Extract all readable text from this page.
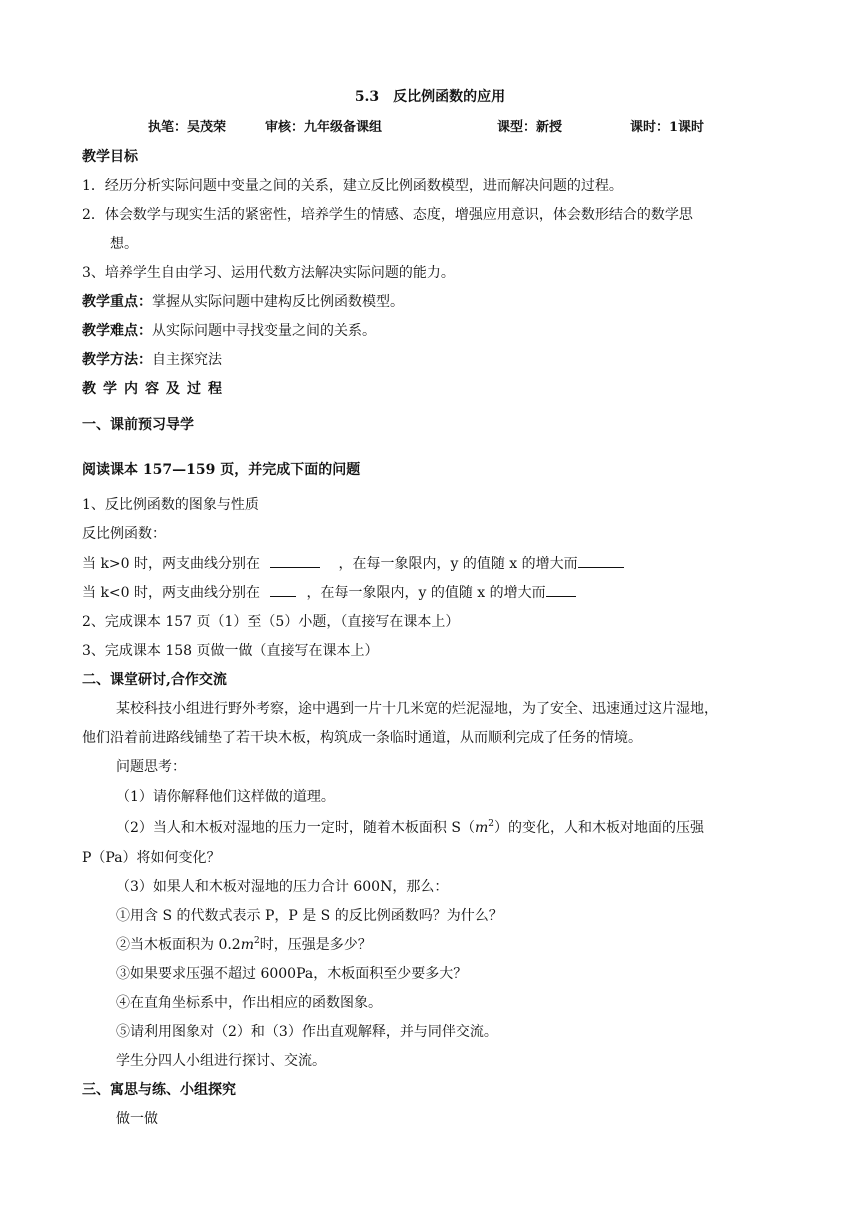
5.3　反比例函数的应用
执笔：吴茂荣	审核：九年级备课组	课型：新授	课时：1课时
教学目标
1．经历分析实际问题中变量之间的关系，建立反比例函数模型，进而解决问题的过程。
2．体会数学与现实生活的紧密性，培养学生的情感、态度，增强应用意识，体会数形结合的数学思
想。
3、培养学生自由学习、运用代数方法解决实际问题的能力。
教学重点：掌握从实际问题中建构反比例函数模型。
教学难点：从实际问题中寻找变量之间的关系。
教学方法：自主探究法
教学内容及过程
一、课前预习导学
阅读课本 157—159 页，并完成下面的问题
1、反比例函数的图象与性质
反比例函数：
当 k>0 时，两支曲线分别在	，在每一象限内，y 的值随 x 的增大而
当 k<0 时，两支曲线分别在	，在每一象限内，y 的值随 x 的增大而
2、完成课本 157 页（1）至（5）小题，（直接写在课本上）
3、完成课本 158 页做一做（直接写在课本上）
二、课堂研讨,合作交流
某校科技小组进行野外考察，途中遇到一片十几米宽的烂泥湿地，为了安全、迅速通过这片湿地，
他们沿着前进路线铺垫了若干块木板，构筑成一条临时通道，从而顺利完成了任务的情境。
问题思考：
（1）请你解释他们这样做的道理。
（2）当人和木板对湿地的压力一定时，随着木板面积 $S(m^2)$的变化，人和木板对地面的压强
P（Pa）将如何变化？
（3）如果人和木板对湿地的压力合计 600N，那么：
①用含 S 的代数式表示 P，P 是 S 的反比例函数吗？为什么？
②当木板面积为 $0.2m^2$时，压强是多少？
③如果要求压强不超过 6000Pa，木板面积至少要多大？
④在直角坐标系中，作出相应的函数图象。
⑤请利用图象对（2）和（3）作出直观解释，并与同伴交流。
学生分四人小组进行探讨、交流。
三、寓思与练、小组探究
做一做
